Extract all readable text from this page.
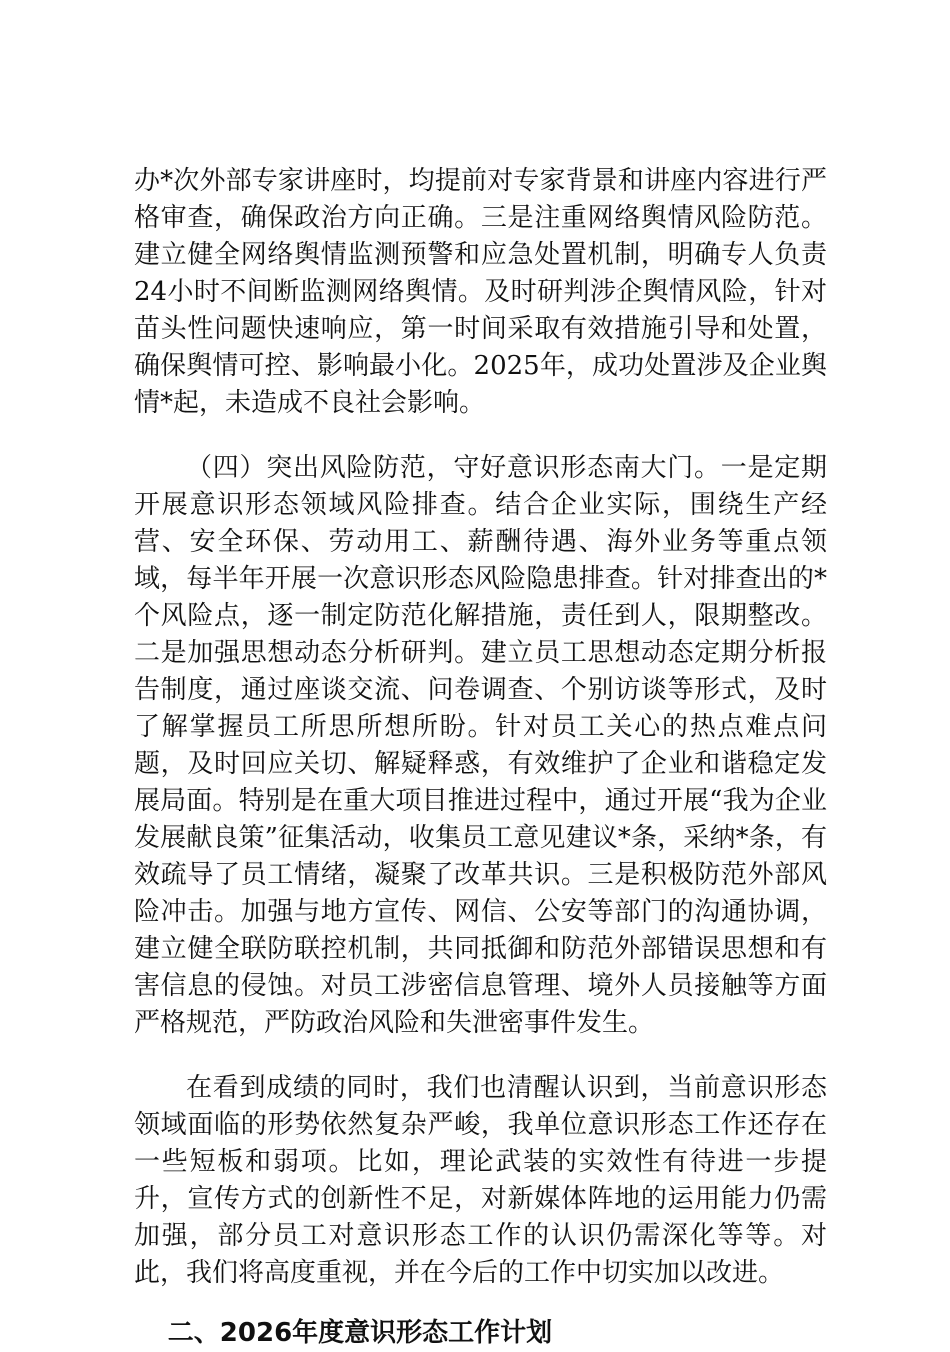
办*次外部专家讲座时，均提前对专家背景和讲座内容进行严格审查，确保政治方向正确。三是注重网络舆情风险防范。建立健全网络舆情监测预警和应急处置机制，明确专人负责24小时不间断监测网络舆情。及时研判涉企舆情风险，针对苗头性问题快速响应，第一时间采取有效措施引导和处置，确保舆情可控、影响最小化。2025年，成功处置涉及企业舆情*起，未造成不良社会影响。

（四）突出风险防范，守好意识形态南大门。一是定期开展意识形态领域风险排查。结合企业实际，围绕生产经营、安全环保、劳动用工、薪酬待遇、海外业务等重点领域，每半年开展一次意识形态风险隐患排查。针对排查出的*个风险点，逐一制定防范化解措施，责任到人，限期整改。二是加强思想动态分析研判。建立员工思想动态定期分析报告制度，通过座谈交流、问卷调查、个别访谈等形式，及时了解掌握员工所思所想所盼。针对员工关心的热点难点问题，及时回应关切、解疑释惑，有效维护了企业和谐稳定发展局面。特别是在重大项目推进过程中，通过开展“我为企业发展献良策”征集活动，收集员工意见建议*条，采纳*条，有效疏导了员工情绪，凝聚了改革共识。三是积极防范外部风险冲击。加强与地方宣传、网信、公安等部门的沟通协调，建立健全联防联控机制，共同抵御和防范外部错误思想和有害信息的侵蚀。对员工涉密信息管理、境外人员接触等方面严格规范，严防政治风险和失泄密事件发生。

在看到成绩的同时，我们也清醒认识到，当前意识形态领域面临的形势依然复杂严峻，我单位意识形态工作还存在一些短板和弱项。比如，理论武装的实效性有待进一步提升，宣传方式的创新性不足，对新媒体阵地的运用能力仍需加强，部分员工对意识形态工作的认识仍需深化等等。对此，我们将高度重视，并在今后的工作中切实加以改进。

二、2026年度意识形态工作计划
